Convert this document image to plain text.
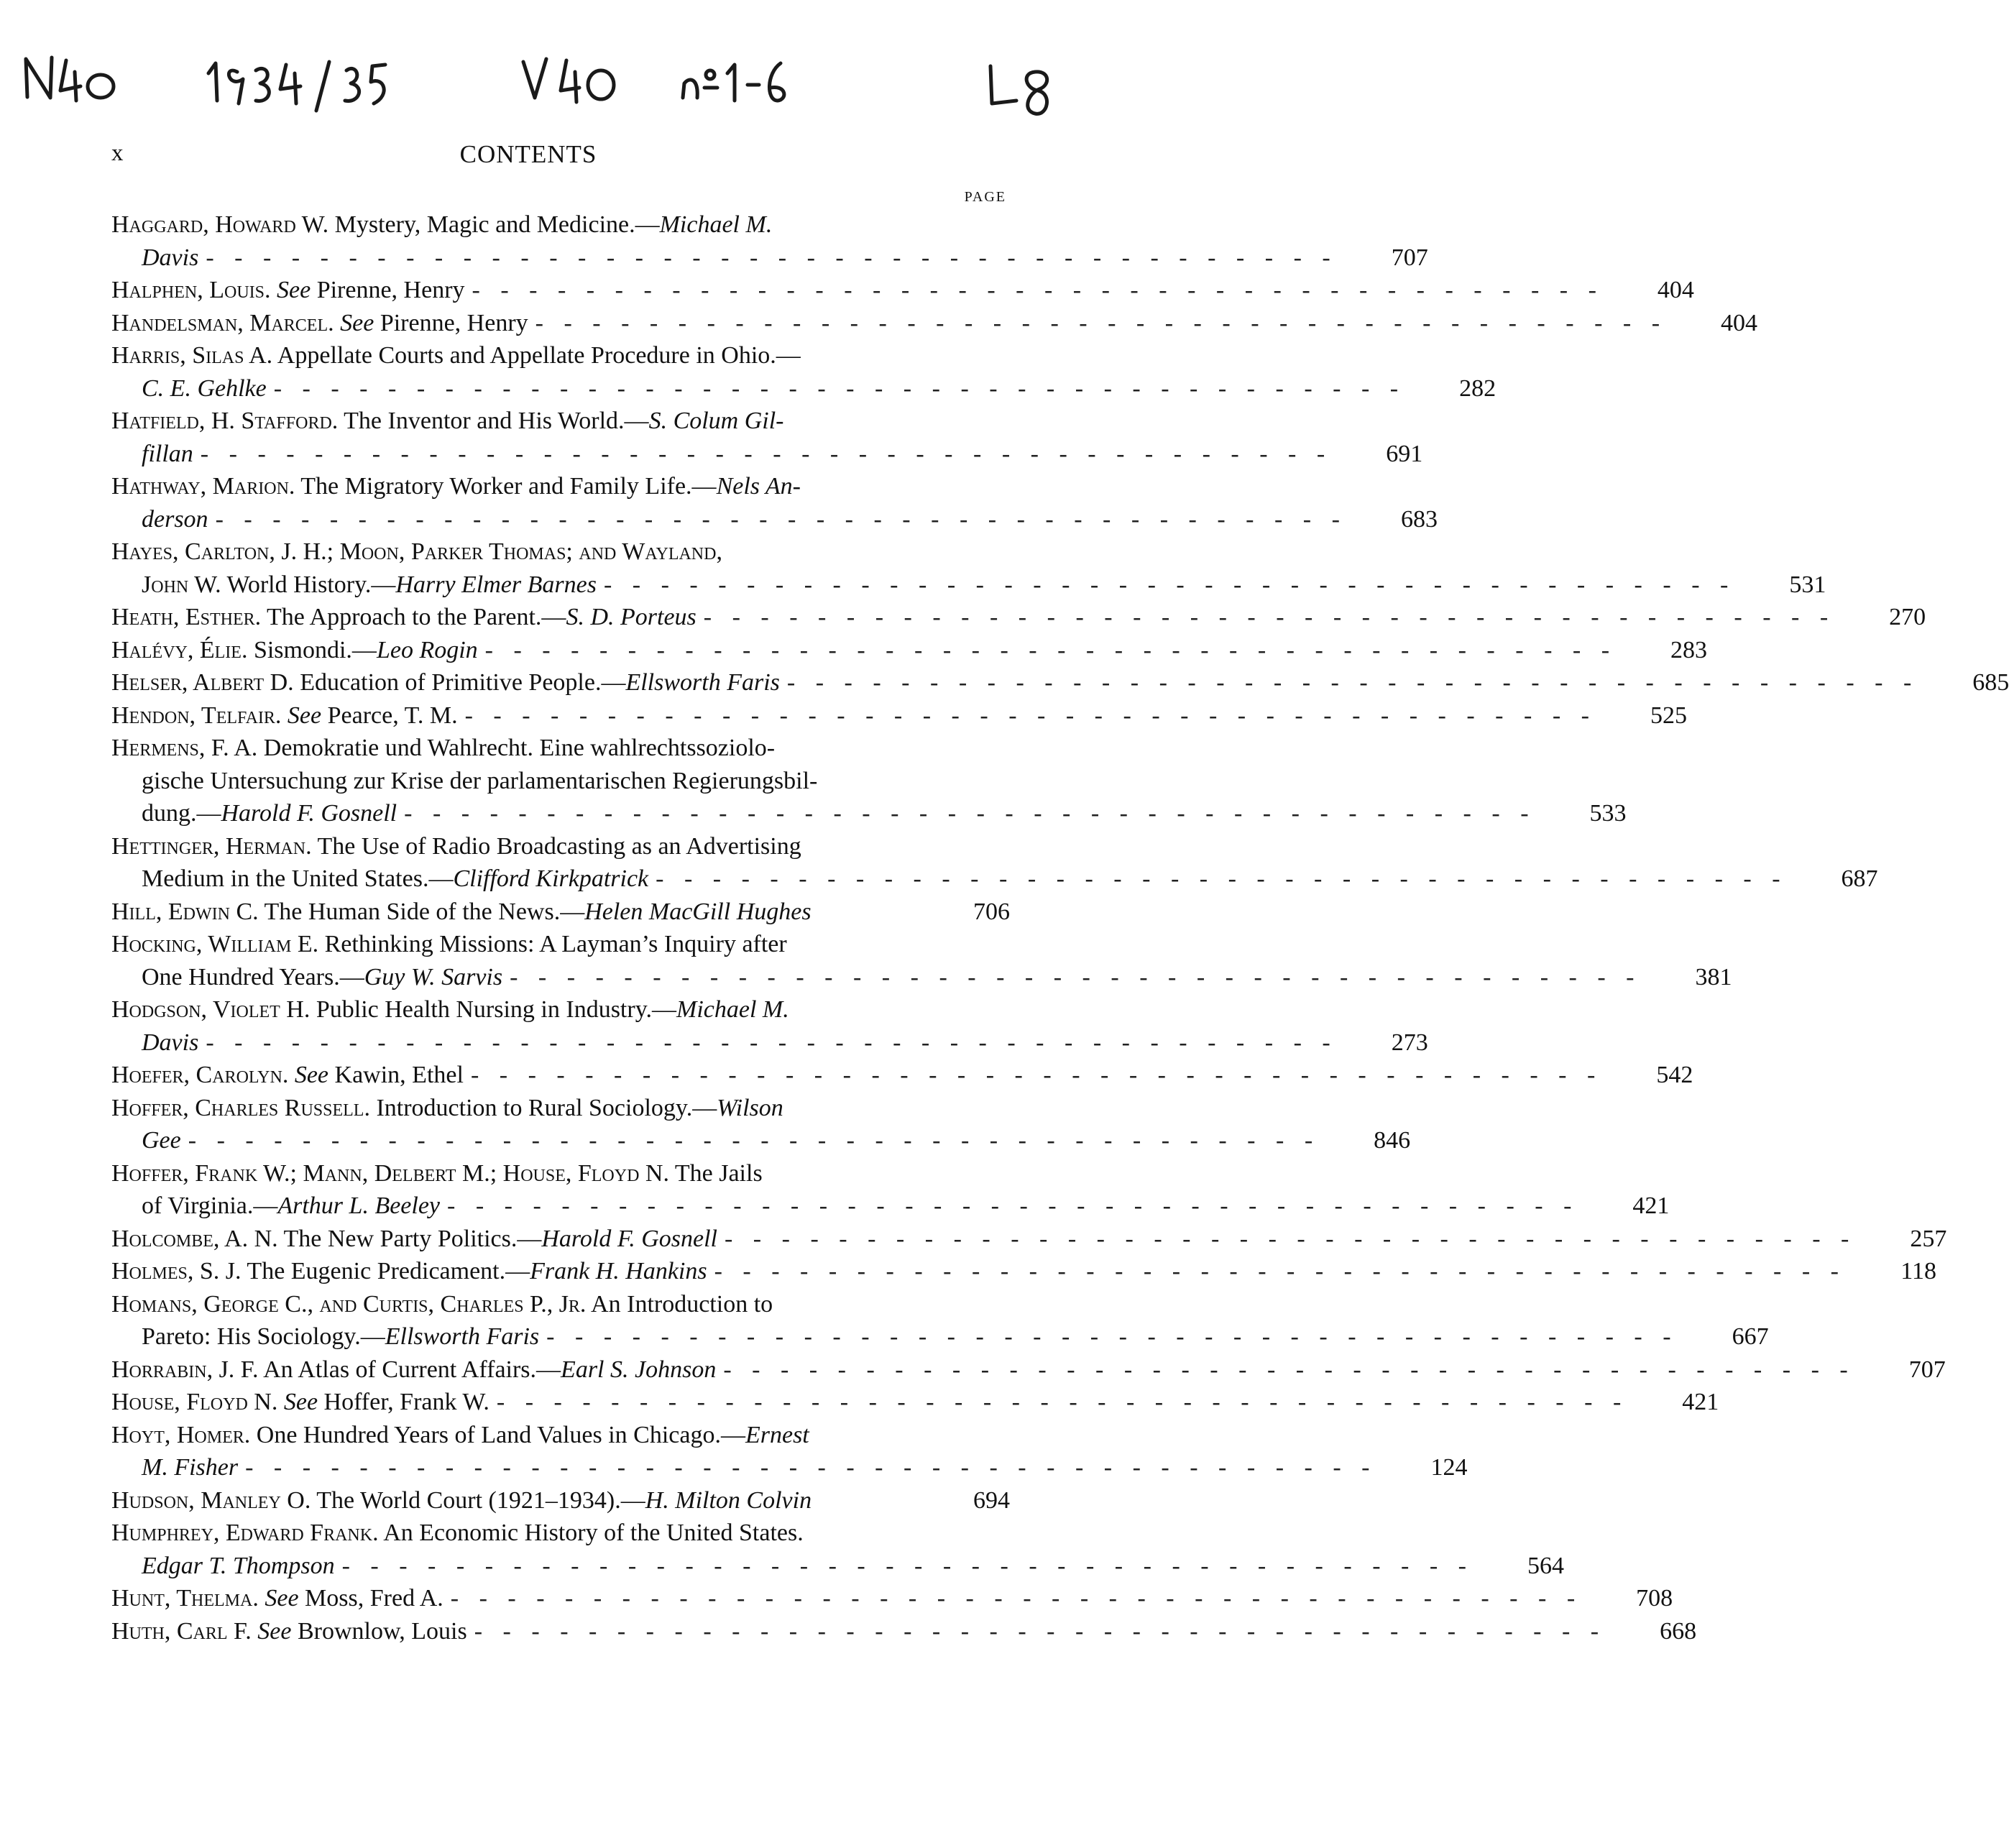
CONTENTS
x
PAGE
Haggard, Howard W. Mystery, Magic and Medicine.—Michael M.
Davis - -	707
Halphen, Louis. See Pirenne, Henry - -	404
Handelsman, Marcel. See Pirenne, Henry - -	404
Harris, Silas A. Appellate Courts and Appellate Procedure in Ohio.—
C. E. Gehlke - -	282
Hatfield, H. Stafford. The Inventor and His World.—S. Colum Gil-
fillan - -	691
Hathway, Marion. The Migratory Worker and Family Life.—Nels An-
derson - -	683
Hayes, Carlton, J. H.; Moon, Parker Thomas; and Wayland,
John W. World History.—Harry Elmer Barnes - -	531
Heath, Esther. The Approach to the Parent.—S. D. Porteus - -	270
Halévy, Élie. Sismondi.—Leo Rogin - -	283
Helser, Albert D. Education of Primitive People.—Ellsworth Faris - -	685
Hendon, Telfair. See Pearce, T. M. - -	525
Hermens, F. A. Demokratie und Wahlrecht. Eine wahlrechtssoziolo-
gische Untersuchung zur Krise der parlamentarischen Regierungsbil-
dung.—Harold F. Gosnell - -	533
Hettinger, Herman. The Use of Radio Broadcasting as an Advertising
Medium in the United States.—Clifford Kirkpatrick - -	687
Hill, Edwin C. The Human Side of the News.—Helen MacGill Hughes	706
Hocking, William E. Rethinking Missions: A Layman’s Inquiry after
One Hundred Years.—Guy W. Sarvis - -	381
Hodgson, Violet H. Public Health Nursing in Industry.—Michael M.
Davis - -	273
Hoefer, Carolyn. See Kawin, Ethel - -	542
Hoffer, Charles Russell. Introduction to Rural Sociology.—Wilson
Gee - -	846
Hoffer, Frank W.; Mann, Delbert M.; House, Floyd N. The Jails
of Virginia.—Arthur L. Beeley - -	421
Holcombe, A. N. The New Party Politics.—Harold F. Gosnell - -	257
Holmes, S. J. The Eugenic Predicament.—Frank H. Hankins - -	118
Homans, George C., and Curtis, Charles P., Jr. An Introduction to
Pareto: His Sociology.—Ellsworth Faris - -	667
Horrabin, J. F. An Atlas of Current Affairs.—Earl S. Johnson - -	707
House, Floyd N. See Hoffer, Frank W. - -	421
Hoyt, Homer. One Hundred Years of Land Values in Chicago.—Ernest
M. Fisher - -	124
Hudson, Manley O. The World Court (1921–1934).—H. Milton Colvin	694
Humphrey, Edward Frank. An Economic History of the United States.
Edgar T. Thompson - -	564
Hunt, Thelma. See Moss, Fred A. - -	708
Huth, Carl F. See Brownlow, Louis - -	668
